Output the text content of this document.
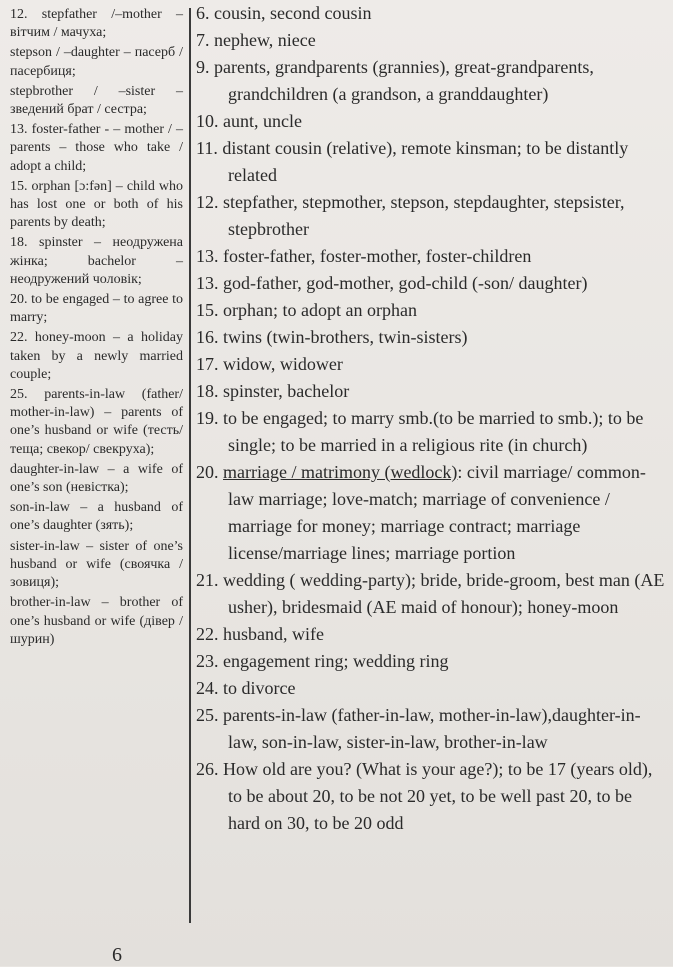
12. stepfather /–mother – вітчим / мачуха;

stepson / –daughter – пасерб / пасербиця;

stepbrother / –sister – зведений брат / сестра;

13. foster-father - – mother / –parents – those who take / adopt a child;

15. orphan [ɔ:fən] – child who has lost one or both of his parents by death;

18. spinster – неодружена жінка; bachelor – неодружений чоловік;

20. to be engaged – to agree to marry;

22. honey-moon – a holiday taken by a newly married couple;

25. parents-in-law (father/ mother-in-law) – parents of one’s husband or wife (тесть/теща; свекор/ свекруха);

daughter-in-law – a wife of one’s son (невістка);

son-in-law – a husband of one’s daughter (зять);

sister-in-law – sister of one’s husband or wife (своячка / зовиця);

brother-in-law – brother of one’s husband or wife (дівер / шурин)

6. cousin, second cousin

7. nephew, niece

9. parents, grandparents (grannies), great-grandparents, grandchildren (a grandson, a granddaughter)

10. aunt, uncle

11. distant cousin (relative), remote kinsman; to be distantly related

12. stepfather, stepmother, stepson, stepdaughter, stepsister, stepbrother

13. foster-father, foster-mother, foster-children

13. god-father, god-mother, god-child (-son/ daughter)

15. orphan; to adopt an orphan

16. twins (twin-brothers, twin-sisters)

17. widow, widower

18. spinster, bachelor

19. to be engaged; to marry smb.(to be married to smb.); to be single; to be married in a religious rite (in church)

20. marriage / matrimony (wedlock): civil marriage/ common-law marriage; love-match; marriage of convenience / marriage for money; marriage contract; marriage license/marriage lines; marriage portion

21. wedding ( wedding-party); bride, bride-groom, best man (AE usher), bridesmaid (AE maid of honour); honey-moon

22. husband, wife

23. engagement ring; wedding ring

24. to divorce

25. parents-in-law (father-in-law, mother-in-law),daughter-in-law, son-in-law, sister-in-law, brother-in-law

26. How old are you? (What is your age?); to be 17 (years old), to be about 20, to be not 20 yet, to be well past 20, to be hard on 30, to be 20 odd

6
